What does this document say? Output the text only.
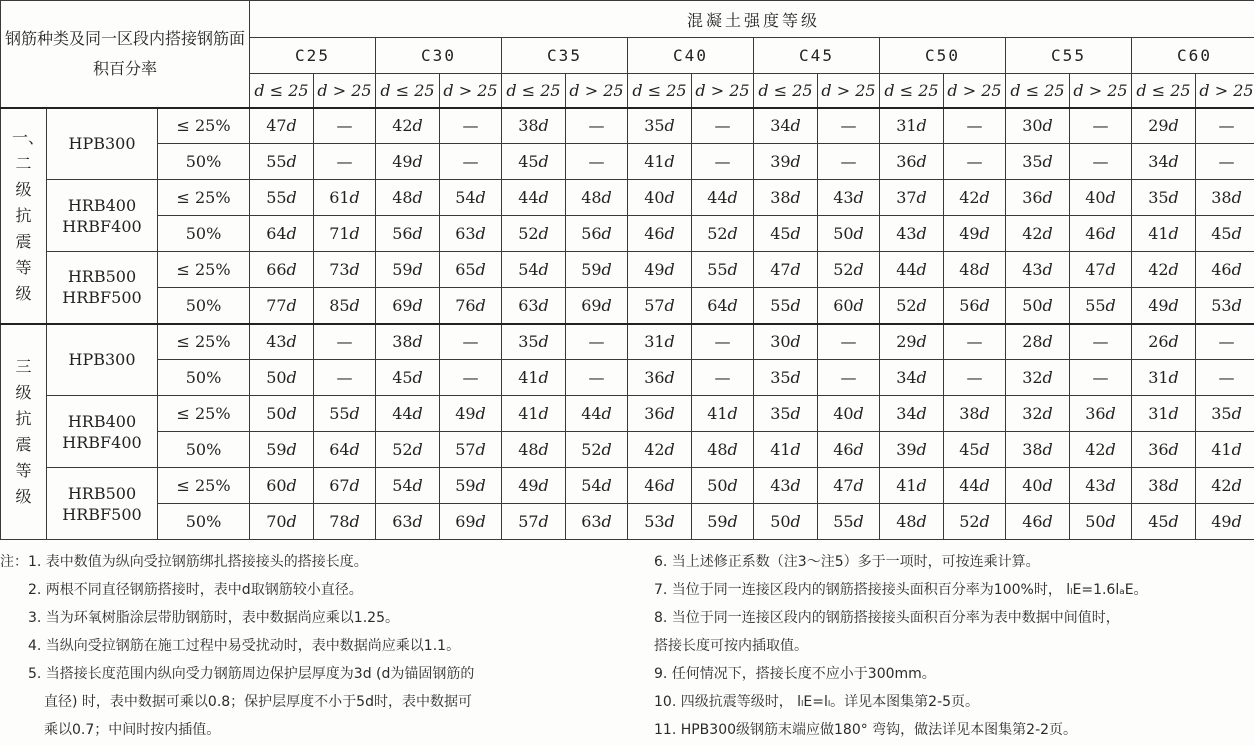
钢筋种类及同一区段内搭接钢筋面积百分率			混凝土强度等级															
			C25		C30		C35		C40		C45		C50		C55		C60	
			d ≤ 25	d > 25	d ≤ 25	d > 25	d ≤ 25	d > 25	d ≤ 25	d > 25	d ≤ 25	d > 25	d ≤ 25	d > 25	d ≤ 25	d > 25	d ≤ 25	d > 25
一、二级抗震等级	HPB300	≤ 25%	47d	—	42d	—	38d	—	35d	—	34d	—	31d	—	30d	—	29d	—
		50%	55d	—	49d	—	45d	—	41d	—	39d	—	36d	—	35d	—	34d	—
	HRB400 HRBF400	≤ 25%	55d	61d	48d	54d	44d	48d	40d	44d	38d	43d	37d	42d	36d	40d	35d	38d
		50%	64d	71d	56d	63d	52d	56d	46d	52d	45d	50d	43d	49d	42d	46d	41d	45d
	HRB500 HRBF500	≤ 25%	66d	73d	59d	65d	54d	59d	49d	55d	47d	52d	44d	48d	43d	47d	42d	46d
		50%	77d	85d	69d	76d	63d	69d	57d	64d	55d	60d	52d	56d	50d	55d	49d	53d
三级抗震等级	HPB300	≤ 25%	43d	—	38d	—	35d	—	31d	—	30d	—	29d	—	28d	—	26d	—
		50%	50d	—	45d	—	41d	—	36d	—	35d	—	34d	—	32d	—	31d	—
	HRB400 HRBF400	≤ 25%	50d	55d	44d	49d	41d	44d	36d	41d	35d	40d	34d	38d	32d	36d	31d	35d
		50%	59d	64d	52d	57d	48d	52d	42d	48d	41d	46d	39d	45d	38d	42d	36d	41d
	HRB500 HRBF500	≤ 25%	60d	67d	54d	59d	49d	54d	46d	50d	43d	47d	41d	44d	40d	43d	38d	42d
		50%	70d	78d	63d	69d	57d	63d	53d	59d	50d	55d	48d	52d	46d	50d	45d	49d
注：1. 表中数值为纵向受拉钢筋绑扎搭接接头的搭接长度。
2. 两根不同直径钢筋搭接时，表中d取钢筋较小直径。
3. 当为环氧树脂涂层带肋钢筋时，表中数据尚应乘以1.25。
4. 当纵向受拉钢筋在施工过程中易受扰动时，表中数据尚应乘以1.1。
5. 当搭接长度范围内纵向受力钢筋周边保护层厚度为3d (d为锚固钢筋的
直径) 时，表中数据可乘以0.8；保护层厚度不小于5d时，表中数据可
乘以0.7；中间时按内插值。
6. 当上述修正系数（注3～注5）多于一项时，可按连乘计算。
7. 当位于同一连接区段内的钢筋搭接接头面积百分率为100%时， lₗE=1.6lₐE。
8. 当位于同一连接区段内的钢筋搭接接头面积百分率为表中数据中间值时，
搭接长度可按内插取值。
9. 任何情况下，搭接长度不应小于300mm。
10. 四级抗震等级时， lₗE=lₗ。详见本图集第2-5页。
11. HPB300级钢筋末端应做180° 弯钩，做法详见本图集第2-2页。
